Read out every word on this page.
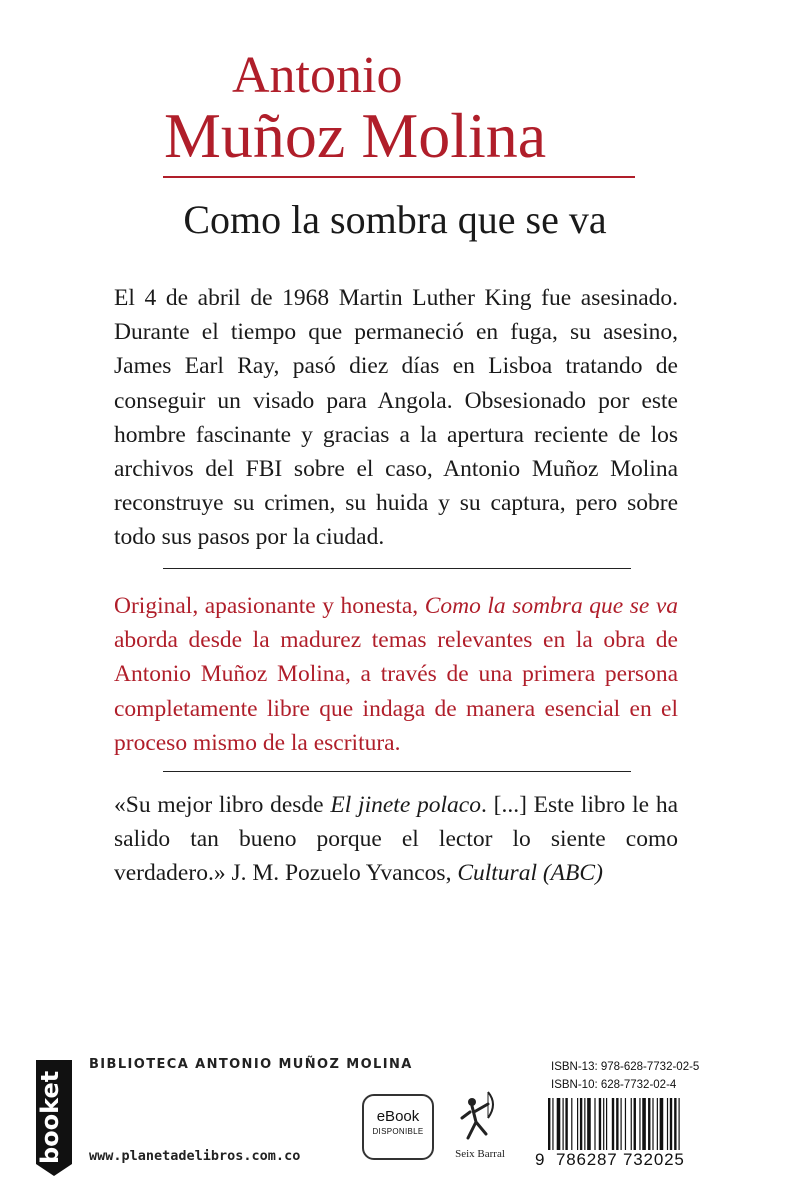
Antonio
Muñoz Molina
Como la sombra que se va
El 4 de abril de 1968 Martin Luther King fue asesinado. Durante el tiempo que permaneció en fuga, su asesino, James Earl Ray, pasó diez días en Lisboa tratando de conseguir un visado para Angola. Obsesionado por este hombre fascinante y gracias a la apertura reciente de los archivos del FBI sobre el caso, Antonio Muñoz Molina reconstruye su crimen, su huida y su captura, pero sobre todo sus pasos por la ciudad.
Original, apasionante y honesta, Como la sombra que se va aborda desde la madurez temas relevantes en la obra de Antonio Muñoz Molina, a través de una primera persona completamente libre que indaga de manera esencial en el proceso mismo de la escritura.
«Su mejor libro desde El jinete polaco. [...] Este libro le ha salido tan bueno porque el lector lo siente como verdadero.» J. M. Pozuelo Yvancos, Cultural (ABC)
booket
BIBLIOTECA ANTONIO MUÑOZ MOLINA
www.planetadelibros.com.co
eBook
DISPONIBLE
Seix Barral
ISBN-13: 978-628-7732-02-5
ISBN-10: 628-7732-02-4
9 786287 732025
